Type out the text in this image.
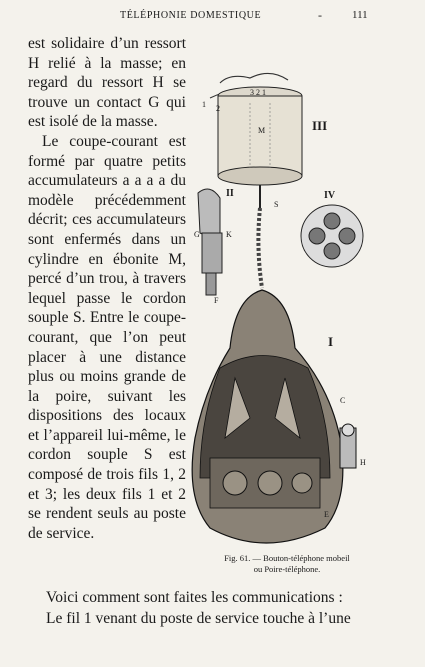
TÉLÉPHONIE DOMESTIQUE	-	111

est solidaire d’un ressort H relié à la masse; en regard du ressort H se trouve un contact G qui est isolé de la masse.

Le coupe-courant est formé par quatre petits accumulateurs a a a a du modèle précédemment décrit; ces accumulateurs sont enfermés dans un cylindre en ébonite M, percé d’un trou, à travers lequel passe le cordon souple S. Entre le coupe-courant, que l’on peut placer à une distance plus ou moins grande de la poire, suivant les dispositions des locaux et l’appareil lui-même, le cordon souple S est composé de trois fils 1, 2 et 3; les deux fils 1 et 2 se rendent seuls au poste de service.

III
II	IV
I
M
S
G	K
H
C
F
E
1 2
3 2 1
Fig. 61. — Bouton-téléphone mobeil
ou Poire-téléphone.
Voici comment sont faites les communications :
Le fil 1 venant du poste de service touche à l’une
